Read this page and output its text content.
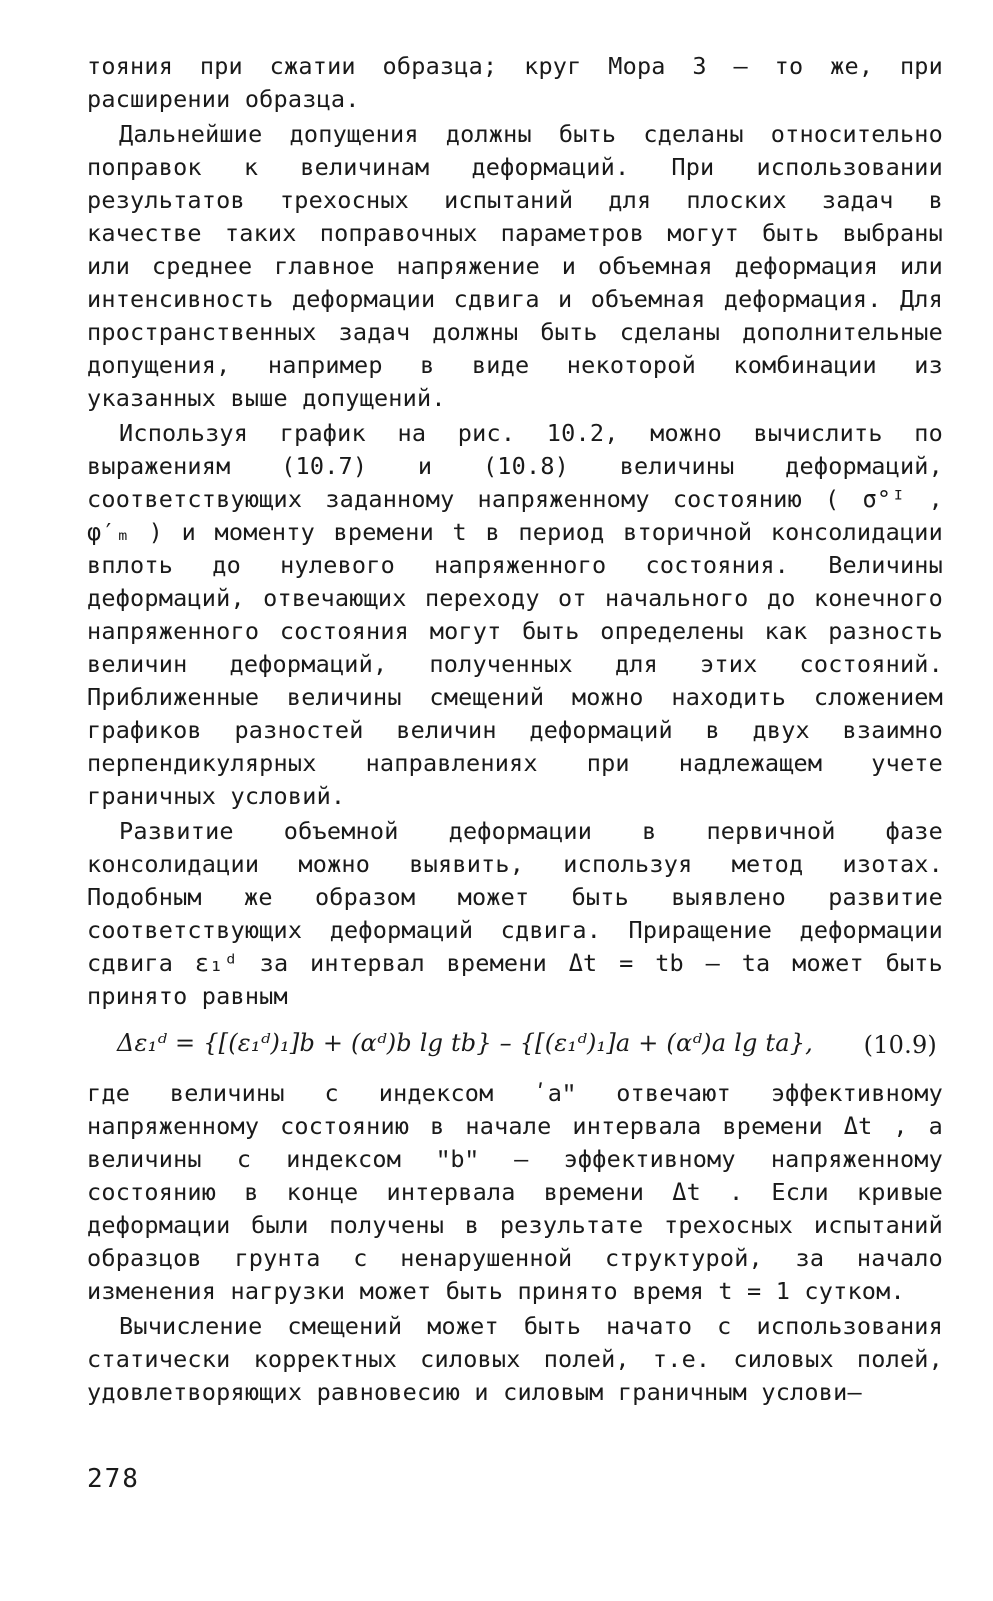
тояния при сжатии образца; круг Мора 3 – то же, при расширении образца.

Дальнейшие допущения должны быть сделаны относительно поправок к величинам деформаций. При использовании результатов трехосных испытаний для плоских задач в качестве таких поправочных параметров могут быть выбраны или среднее главное напряжение и объемная деформация или интенсивность деформации сдвига и объемная деформация. Для пространственных задач должны быть сделаны дополнительные допущения, например в виде некоторой комбинации из указанных выше допущений.

Используя график на рис. 10.2, можно вычислить по выражениям (10.7) и (10.8) величины деформаций, соответствующих заданному напряженному состоянию ( σ°ᴵ , φ′ₘ ) и моменту времени t в период вторичной консолидации вплоть до нулевого напряженного состояния. Величины деформаций, отвечающих переходу от начального до конечного напряженного состояния могут быть определены как разность величин деформаций, полученных для этих состояний. Приближенные величины смещений можно находить сложением графиков разностей величин деформаций в двух взаимно перпендикулярных направлениях при надлежащем учете граничных условий.

Развитие объемной деформации в первичной фазе консолидации можно выявить, используя метод изотах. Подобным же образом может быть выявлено развитие соответствующих деформаций сдвига. Приращение деформации сдвига ε₁ᵈ за интервал времени Δt = tb – ta может быть принято равным

Δε₁ᵈ = {[(ε₁ᵈ)₁]b + (αᵈ)b lg tb} – {[(ε₁ᵈ)₁]a + (αᵈ)a lg ta}, (10.9)

где величины с индексом ʹaʺ отвечают эффективному напряженному состоянию в начале интервала времени Δt , а величины с индексом ʺbʺ – эффективному напряженному состоянию в конце интервала времени Δt . Если кривые деформации были получены в результате трехосных испытаний образцов грунта с ненарушенной структурой, за начало изменения нагрузки может быть принято время t = 1 сутком.

Вычисление смещений может быть начато с использования статически корректных силовых полей, т.е. силовых полей, удовлетворяющих равновесию и силовым граничным услови–

278
